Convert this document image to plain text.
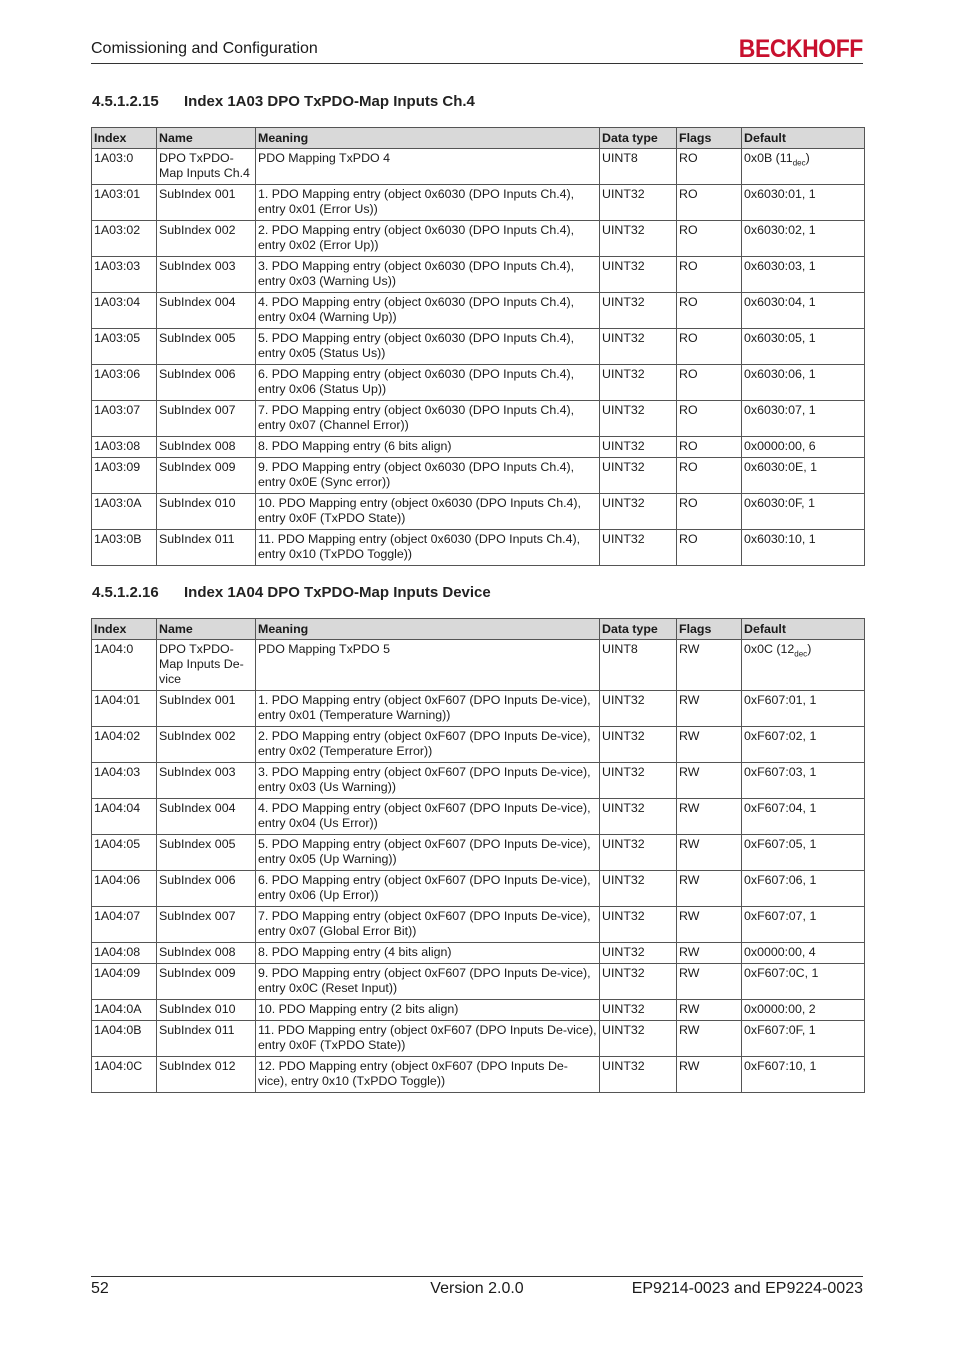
Comissioning and Configuration	BECKHOFF
4.5.1.2.15 Index 1A03 DPO TxPDO-Map Inputs Ch.4
Index	Name	Meaning	Data type	Flags	Default
1A03:0	DPO TxPDO-Map Inputs Ch.4	PDO Mapping TxPDO 4	UINT8	RO	0x0B $(11_{dec})$
1A03:01	SubIndex 001	1. PDO Mapping entry (object 0x6030 (DPO Inputs Ch.4), entry 0x01 (Error Us))	UINT32	RO	0x6030:01, 1
1A03:02	SubIndex 002	2. PDO Mapping entry (object 0x6030 (DPO Inputs Ch.4), entry 0x02 (Error Up))	UINT32	RO	0x6030:02, 1
1A03:03	SubIndex 003	3. PDO Mapping entry (object 0x6030 (DPO Inputs Ch.4), entry 0x03 (Warning Us))	UINT32	RO	0x6030:03, 1
1A03:04	SubIndex 004	4. PDO Mapping entry (object 0x6030 (DPO Inputs Ch.4), entry 0x04 (Warning Up))	UINT32	RO	0x6030:04, 1
1A03:05	SubIndex 005	5. PDO Mapping entry (object 0x6030 (DPO Inputs Ch.4), entry 0x05 (Status Us))	UINT32	RO	0x6030:05, 1
1A03:06	SubIndex 006	6. PDO Mapping entry (object 0x6030 (DPO Inputs Ch.4), entry 0x06 (Status Up))	UINT32	RO	0x6030:06, 1
1A03:07	SubIndex 007	7. PDO Mapping entry (object 0x6030 (DPO Inputs Ch.4), entry 0x07 (Channel Error))	UINT32	RO	0x6030:07, 1
1A03:08	SubIndex 008	8. PDO Mapping entry (6 bits align)	UINT32	RO	0x0000:00, 6
1A03:09	SubIndex 009	9. PDO Mapping entry (object 0x6030 (DPO Inputs Ch.4), entry 0x0E (Sync error))	UINT32	RO	0x6030:0E, 1
1A03:0A	SubIndex 010	10. PDO Mapping entry (object 0x6030 (DPO Inputs Ch.4), entry 0x0F (TxPDO State))	UINT32	RO	0x6030:0F, 1
1A03:0B	SubIndex 011	11. PDO Mapping entry (object 0x6030 (DPO Inputs Ch.4), entry 0x10 (TxPDO Toggle))	UINT32	RO	0x6030:10, 1
4.5.1.2.16 Index 1A04 DPO TxPDO-Map Inputs Device
Index	Name	Meaning	Data type	Flags	Default
1A04:0	DPO TxPDO-Map Inputs De-vice	PDO Mapping TxPDO 5	UINT8	RW	0x0C $(12_{dec})$
1A04:01	SubIndex 001	1. PDO Mapping entry (object 0xF607 (DPO Inputs De-vice), entry 0x01 (Temperature Warning))	UINT32	RW	0xF607:01, 1
1A04:02	SubIndex 002	2. PDO Mapping entry (object 0xF607 (DPO Inputs De-vice), entry 0x02 (Temperature Error))	UINT32	RW	0xF607:02, 1
1A04:03	SubIndex 003	3. PDO Mapping entry (object 0xF607 (DPO Inputs De-vice), entry 0x03 (Us Warning))	UINT32	RW	0xF607:03, 1
1A04:04	SubIndex 004	4. PDO Mapping entry (object 0xF607 (DPO Inputs De-vice), entry 0x04 (Us Error))	UINT32	RW	0xF607:04, 1
1A04:05	SubIndex 005	5. PDO Mapping entry (object 0xF607 (DPO Inputs De-vice), entry 0x05 (Up Warning))	UINT32	RW	0xF607:05, 1
1A04:06	SubIndex 006	6. PDO Mapping entry (object 0xF607 (DPO Inputs De-vice), entry 0x06 (Up Error))	UINT32	RW	0xF607:06, 1
1A04:07	SubIndex 007	7. PDO Mapping entry (object 0xF607 (DPO Inputs De-vice), entry 0x07 (Global Error Bit))	UINT32	RW	0xF607:07, 1
1A04:08	SubIndex 008	8. PDO Mapping entry (4 bits align)	UINT32	RW	0x0000:00, 4
1A04:09	SubIndex 009	9. PDO Mapping entry (object 0xF607 (DPO Inputs De-vice), entry 0x0C (Reset Input))	UINT32	RW	0xF607:0C, 1
1A04:0A	SubIndex 010	10. PDO Mapping entry (2 bits align)	UINT32	RW	0x0000:00, 2
1A04:0B	SubIndex 011	11. PDO Mapping entry (object 0xF607 (DPO Inputs De-vice), entry 0x0F (TxPDO State))	UINT32	RW	0xF607:0F, 1
1A04:0C	SubIndex 012	12. PDO Mapping entry (object 0xF607 (DPO Inputs De-vice), entry 0x10 (TxPDO Toggle))	UINT32	RW	0xF607:10, 1
52	Version 2.0.0	EP9214-0023 and EP9224-0023
